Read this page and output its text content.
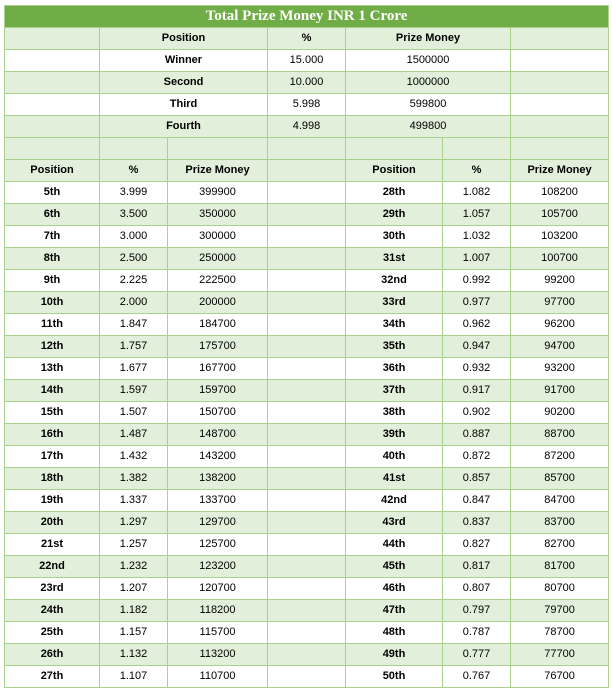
Total Prize Money INR 1 Crore						
	Position		%	Prize Money		
	Winner		15.000	1500000		
	Second		10.000	1000000		
	Third		5.998	599800		
	Fourth		4.998	499800		

Position	%	Prize Money		Position	%	Prize Money
5th	3.999	399900		28th	1.082	108200
6th	3.500	350000		29th	1.057	105700
7th	3.000	300000		30th	1.032	103200
8th	2.500	250000		31st	1.007	100700
9th	2.225	222500		32nd	0.992	99200
10th	2.000	200000		33rd	0.977	97700
11th	1.847	184700		34th	0.962	96200
12th	1.757	175700		35th	0.947	94700
13th	1.677	167700		36th	0.932	93200
14th	1.597	159700		37th	0.917	91700
15th	1.507	150700		38th	0.902	90200
16th	1.487	148700		39th	0.887	88700
17th	1.432	143200		40th	0.872	87200
18th	1.382	138200		41st	0.857	85700
19th	1.337	133700		42nd	0.847	84700
20th	1.297	129700		43rd	0.837	83700
21st	1.257	125700		44th	0.827	82700
22nd	1.232	123200		45th	0.817	81700
23rd	1.207	120700		46th	0.807	80700
24th	1.182	118200		47th	0.797	79700
25th	1.157	115700		48th	0.787	78700
26th	1.132	113200		49th	0.777	77700
27th	1.107	110700		50th	0.767	76700
